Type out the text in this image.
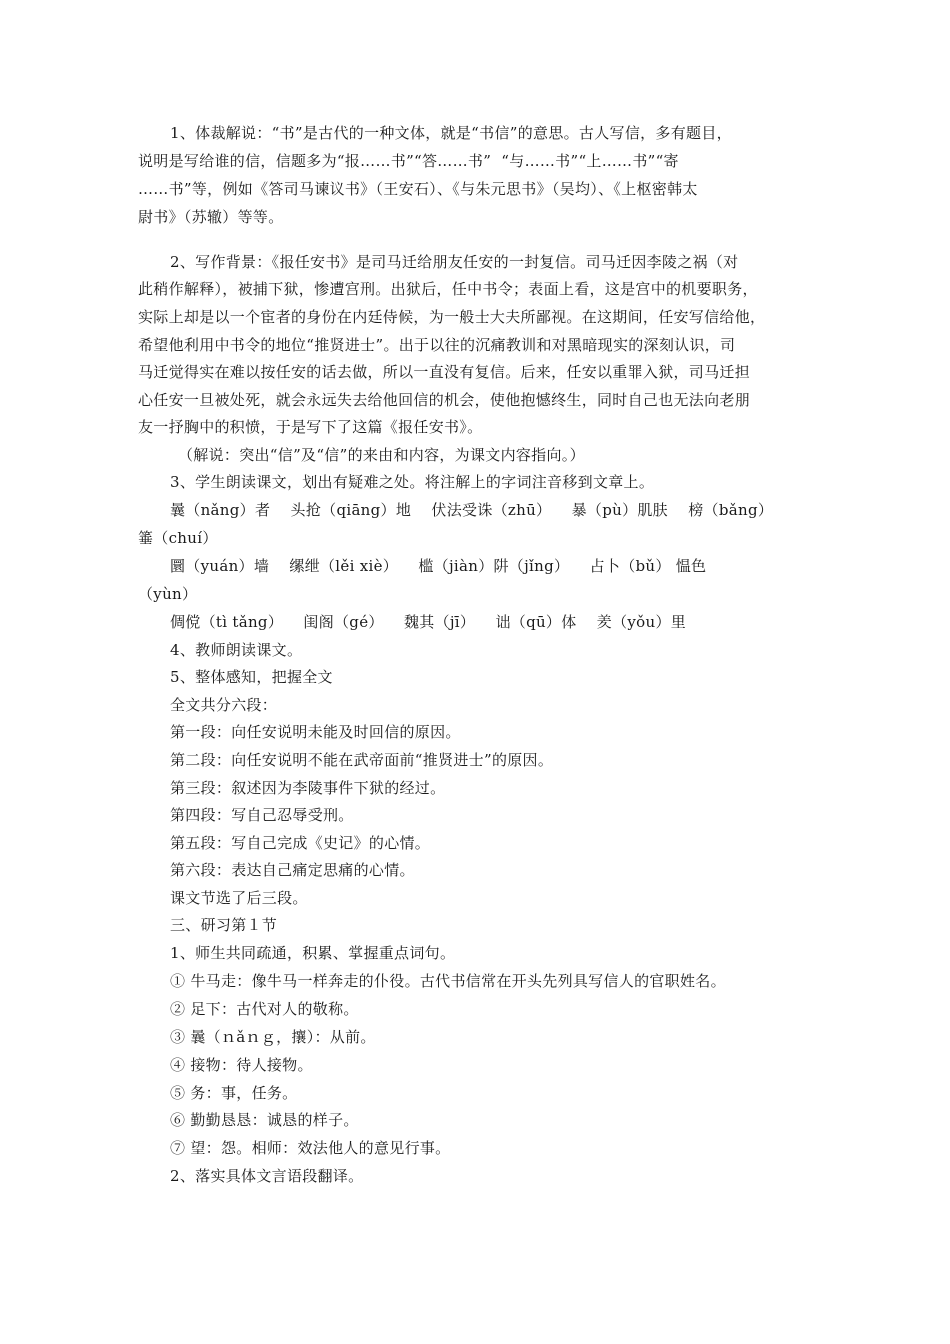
1、体裁解说：“书”是古代的一种文体，就是“书信”的意思。古人写信，多有题目，
说明是写给谁的信，信题多为“报……书”“答……书”  “与……书”“上……书”“寄
……书”等，例如《答司马谏议书》（王安石）、《与朱元思书》（吴均）、《上枢密韩太
尉书》（苏辙）等等。
2、写作背景：《报任安书》是司马迁给朋友任安的一封复信。司马迁因李陵之祸（对
此稍作解释），被捕下狱，惨遭宫刑。出狱后，任中书令；表面上看，这是宫中的机要职务，
实际上却是以一个宦者的身份在内廷侍候，为一般士大夫所鄙视。在这期间，任安写信给他，
希望他利用中书令的地位“推贤进士”。出于以往的沉痛教训和对黑暗现实的深刻认识，司
马迁觉得实在难以按任安的话去做，所以一直没有复信。后来，任安以重罪入狱，司马迁担
心任安一旦被处死，就会永远失去给他回信的机会，使他抱憾终生，同时自己也无法向老朋
友一抒胸中的积愤，于是写下了这篇《报任安书》。
（解说：突出“信”及“信”的来由和内容，为课文内容指向。）
3、学生朗读课文，划出有疑难之处。将注解上的字词注音移到文章上。
曩（nǎng）者    头抢（qiāng）地    伏法受诛（zhū）    暴（pù）肌肤    榜（bǎng）
箠（chuí）
圜（yuán）墙    缧绁（lěi xiè）    槛（jiàn）阱（jǐng）    占卜（bǔ） 愠色
（yùn）
倜傥（tì tǎng）    闺阁（gé）    魏其（jī）    诎（qū）体    羑（yǒu）里
4、教师朗读课文。
5、整体感知，把握全文
全文共分六段：
第一段：向任安说明未能及时回信的原因。
第二段：向任安说明不能在武帝面前“推贤进士”的原因。
第三段：叙述因为李陵事件下狱的经过。
第四段：写自己忍辱受刑。
第五段：写自己完成《史记》的心情。
第六段：表达自己痛定思痛的心情。
课文节选了后三段。
三、研习第１节
1、师生共同疏通，积累、掌握重点词句。
① 牛马走：像牛马一样奔走的仆役。古代书信常在开头先列具写信人的官职姓名。
② 足下：古代对人的敬称。
③ 曩（ｎǎｎｇ，攘）：从前。
④ 接物：待人接物。
⑤ 务：事，任务。
⑥ 勤勤恳恳：诚恳的样子。
⑦ 望：怨。相师：效法他人的意见行事。
2、落实具体文言语段翻译。
